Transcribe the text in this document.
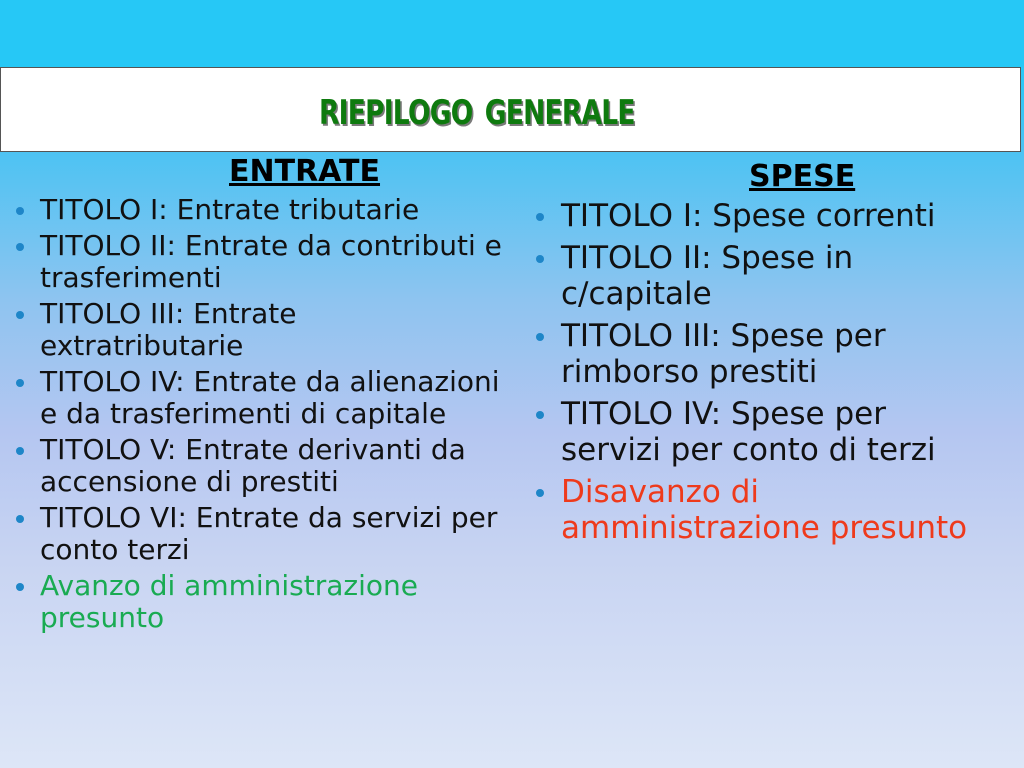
riepilogo generale
ENTRATE
TITOLO I: Entrate tributarie
TITOLO II: Entrate da contributi e trasferimenti
TITOLO III: Entrate extratributarie
TITOLO IV: Entrate da alienazioni e da trasferimenti di capitale
TITOLO V: Entrate derivanti da accensione di prestiti
TITOLO VI: Entrate da servizi per conto terzi
Avanzo di amministrazione presunto
SPESE
TITOLO I: Spese correnti
TITOLO II: Spese in c/capitale
TITOLO III: Spese per rimborso prestiti
TITOLO IV: Spese per servizi per conto di terzi
Disavanzo di amministrazione presunto
